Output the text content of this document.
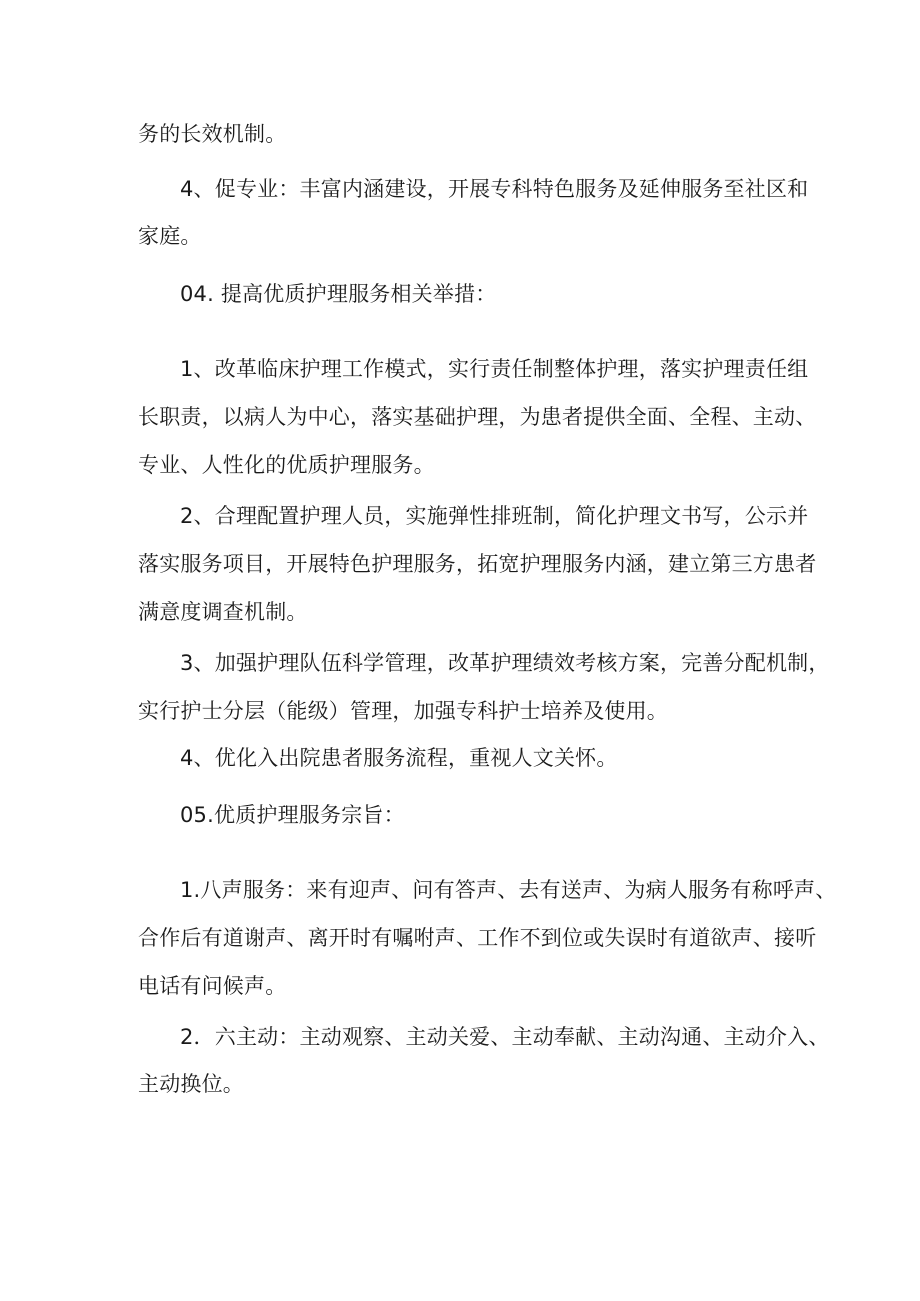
务的长效机制。

4、促专业：丰富内涵建设，开展专科特色服务及延伸服务至社区和

家庭。

04. 提高优质护理服务相关举措：

1、改革临床护理工作模式，实行责任制整体护理，落实护理责任组

长职责，以病人为中心，落实基础护理，为患者提供全面、全程、主动、

专业、人性化的优质护理服务。

2、合理配置护理人员，实施弹性排班制，简化护理文书写，公示并

落实服务项目，开展特色护理服务，拓宽护理服务内涵，建立第三方患者

满意度调查机制。

3、加强护理队伍科学管理，改革护理绩效考核方案，完善分配机制，

实行护士分层（能级）管理，加强专科护士培养及使用。

4、优化入出院患者服务流程，重视人文关怀。

05.优质护理服务宗旨：

1.八声服务：来有迎声、问有答声、去有送声、为病人服务有称呼声、

合作后有道谢声、离开时有嘱咐声、工作不到位或失误时有道欲声、接听

电话有问候声。

2．六主动：主动观察、主动关爱、主动奉献、主动沟通、主动介入、

主动换位。
